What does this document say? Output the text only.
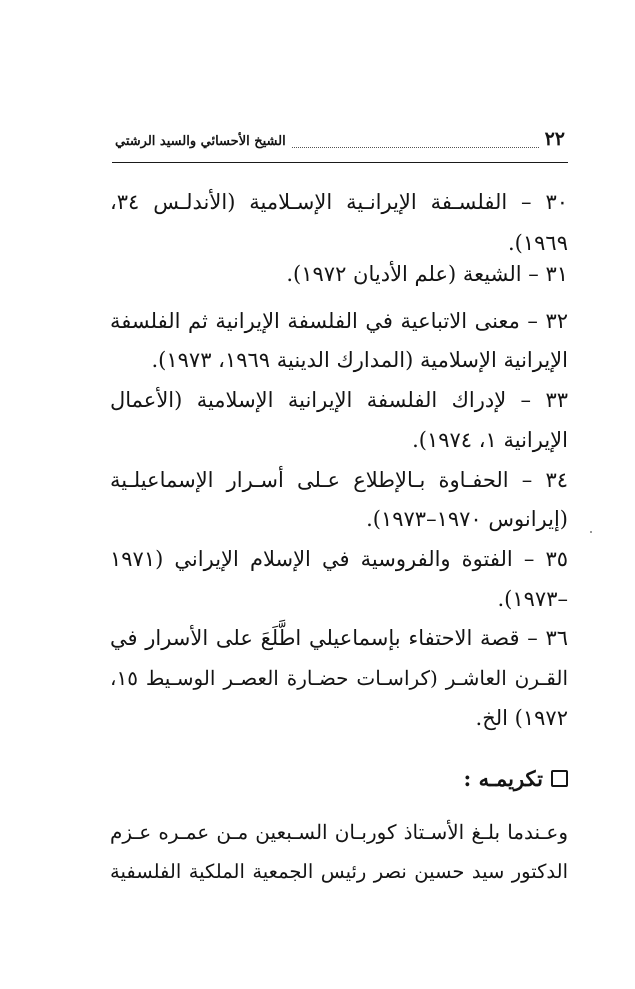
٢٢
الشيخ الأحسائي والسيد الرشتي
٣٠ – الفلسـفة الإيرانـية الإسـلامية (الأندلـس ٣٤،
١٩٦٩).
٣١ – الشيعة (علم الأديان ١٩٧٢).
٣٢ – معنى الاتباعية في الفلسفة الإيرانية ثم الفلسفة
الإيرانية الإسلامية (المدارك الدينية ١٩٦٩، ١٩٧٣).
٣٣ – لإدراك الفلسفة الإيرانية الإسلامية (الأعمال
الإيرانية ١، ١٩٧٤).
٣٤ – الحفـاوة بـالإطلاع عـلى أسـرار الإسماعيلـية
(إيرانوس ١٩٧٠–١٩٧٣).
٣٥ – الفتوة والفروسية في الإسلام الإيراني (١٩٧١
–١٩٧٣).
٣٦ – قصة الاحتفاء بإسماعيلي اطَّلَعَ على الأسرار في
القـرن العاشـر (كراسـات حضـارة العصـر الوسـيط ١٥،
١٩٧٢) الخ.
تكريمـه :
وعـندما بلـغ الأسـتاذ كوربـان السـبعين مـن عمـره عـزم
الدكتور سيد حسين نصر رئيس الجمعية الملكية الفلسفية
